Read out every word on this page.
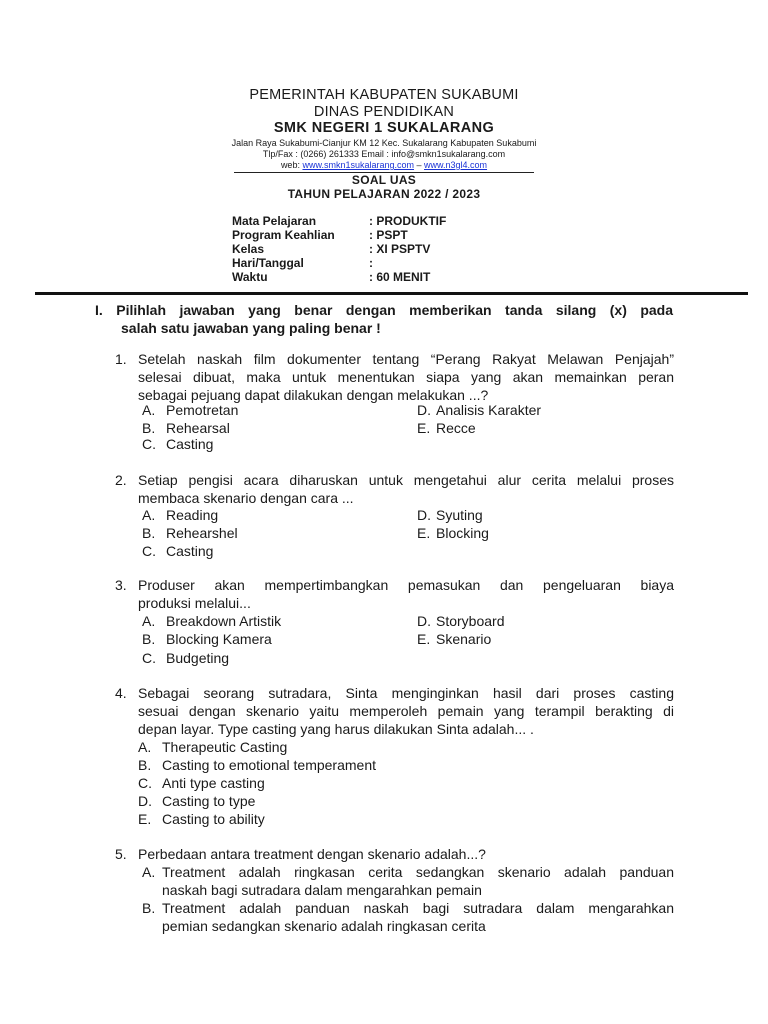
PEMERINTAH KABUPATEN SUKABUMI
DINAS PENDIDIKAN
SMK NEGERI 1 SUKALARANG
Jalan Raya Sukabumi-Cianjur KM 12 Kec. Sukalarang Kabupaten Sukabumi
Tlp/Fax : (0266) 261333 Email : info@smkn1sukalarang.com
web: www.smkn1sukalarang.com – www.n3gl4.com
SOAL UAS
TAHUN PELAJARAN 2022 / 2023
Mata Pelajaran	: PRODUKTIF
Program Keahlian	: PSPT
Kelas	: XI PSPTV
Hari/Tanggal	:
Waktu	: 60 MENIT
I. Pilihlah jawaban yang benar dengan memberikan tanda silang (x) pada
salah satu jawaban yang paling benar !
1. Setelah naskah film dokumenter tentang “Perang Rakyat Melawan Penjajah”
selesai dibuat, maka untuk menentukan siapa yang akan memainkan peran
sebagai pejuang dapat dilakukan dengan melakukan ...?
A. Pemotretan
B. Rehearsal
C. Casting
D. Analisis Karakter
E. Recce
2. Setiap pengisi acara diharuskan untuk mengetahui alur cerita melalui proses
membaca skenario dengan cara ...
A. Reading
B. Rehearshel
C. Casting
D. Syuting
E. Blocking
3. Produser akan mempertimbangkan pemasukan dan pengeluaran biaya
produksi melalui...
A. Breakdown Artistik
B. Blocking Kamera
C. Budgeting
D. Storyboard
E. Skenario
4. Sebagai seorang sutradara, Sinta menginginkan hasil dari proses casting
sesuai dengan skenario yaitu memperoleh pemain yang terampil berakting di
depan layar. Type casting yang harus dilakukan Sinta adalah... .
A. Therapeutic Casting
B. Casting to emotional temperament
C. Anti type casting
D. Casting to type
E. Casting to ability
5. Perbedaan antara treatment dengan skenario adalah...?
A. Treatment adalah ringkasan cerita sedangkan skenario adalah panduan
naskah bagi sutradara dalam mengarahkan pemain
B. Treatment adalah panduan naskah bagi sutradara dalam mengarahkan
pemian sedangkan skenario adalah ringkasan cerita
